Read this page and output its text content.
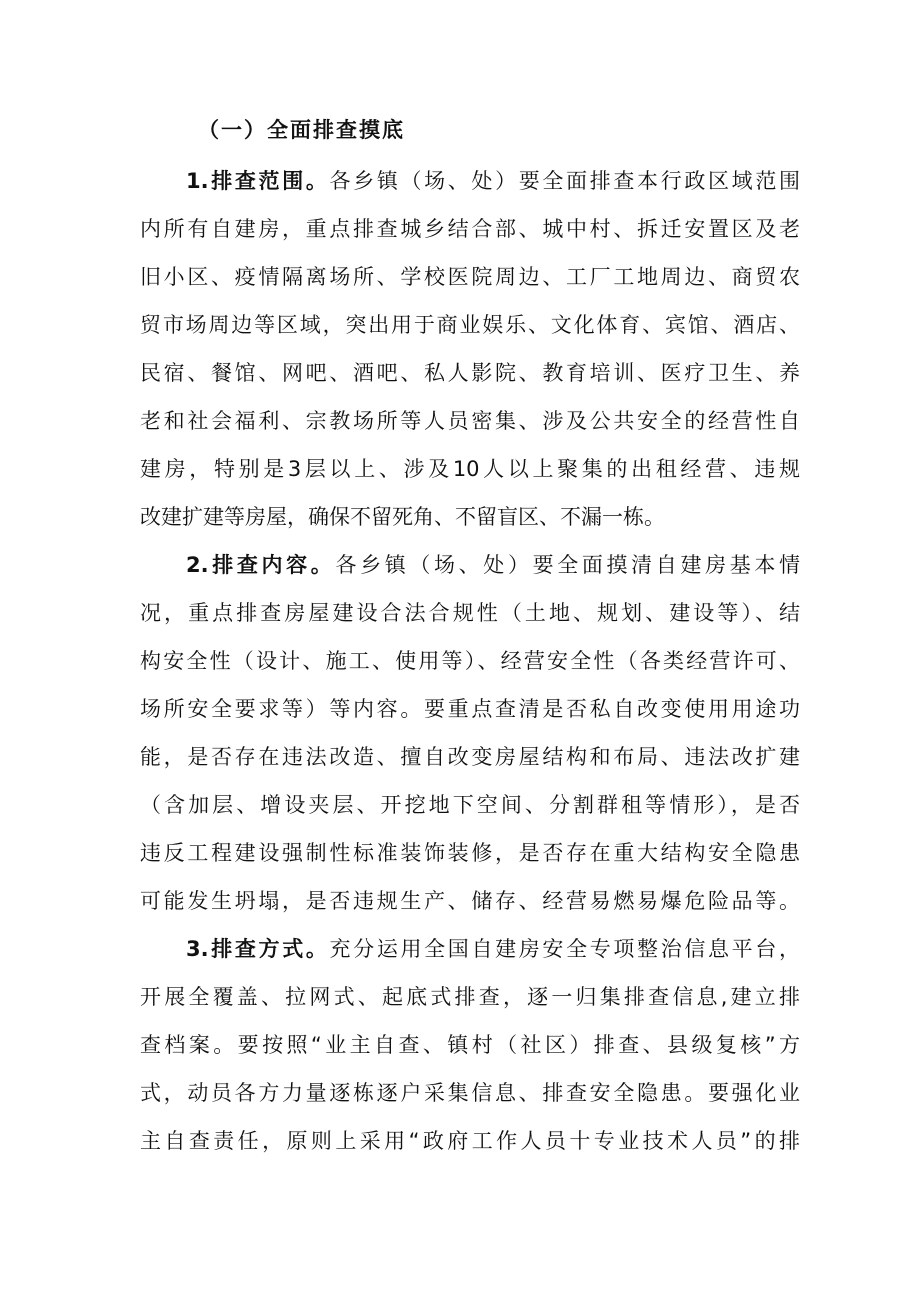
（一）全面排查摸底
1.排查范围。各乡镇（场、处）要全面排查本行政区域范围
内所有自建房，重点排查城乡结合部、城中村、拆迁安置区及老
旧小区、疫情隔离场所、学校医院周边、工厂工地周边、商贸农
贸市场周边等区域，突出用于商业娱乐、文化体育、宾馆、酒店、
民宿、餐馆、网吧、酒吧、私人影院、教育培训、医疗卫生、养
老和社会福利、宗教场所等人员密集、涉及公共安全的经营性自
建房，特别是3层以上、涉及10人以上聚集的出租经营、违规
改建扩建等房屋，确保不留死角、不留盲区、不漏一栋。
2.排查内容。各乡镇（场、处）要全面摸清自建房基本情
况，重点排查房屋建设合法合规性（土地、规划、建设等）、结
构安全性（设计、施工、使用等）、经营安全性（各类经营许可、
场所安全要求等）等内容。要重点查清是否私自改变使用用途功
能，是否存在违法改造、擅自改变房屋结构和布局、违法改扩建
（含加层、增设夹层、开挖地下空间、分割群租等情形），是否
违反工程建设强制性标准装饰装修，是否存在重大结构安全隐患
可能发生坍塌，是否违规生产、储存、经营易燃易爆危险品等。
3.排查方式。充分运用全国自建房安全专项整治信息平台，
开展全覆盖、拉网式、起底式排查，逐一归集排查信息,建立排
查档案。要按照“业主自查、镇村（社区）排查、县级复核”方
式，动员各方力量逐栋逐户采集信息、排查安全隐患。要强化业
主自查责任，原则上采用“政府工作人员十专业技术人员”的排
